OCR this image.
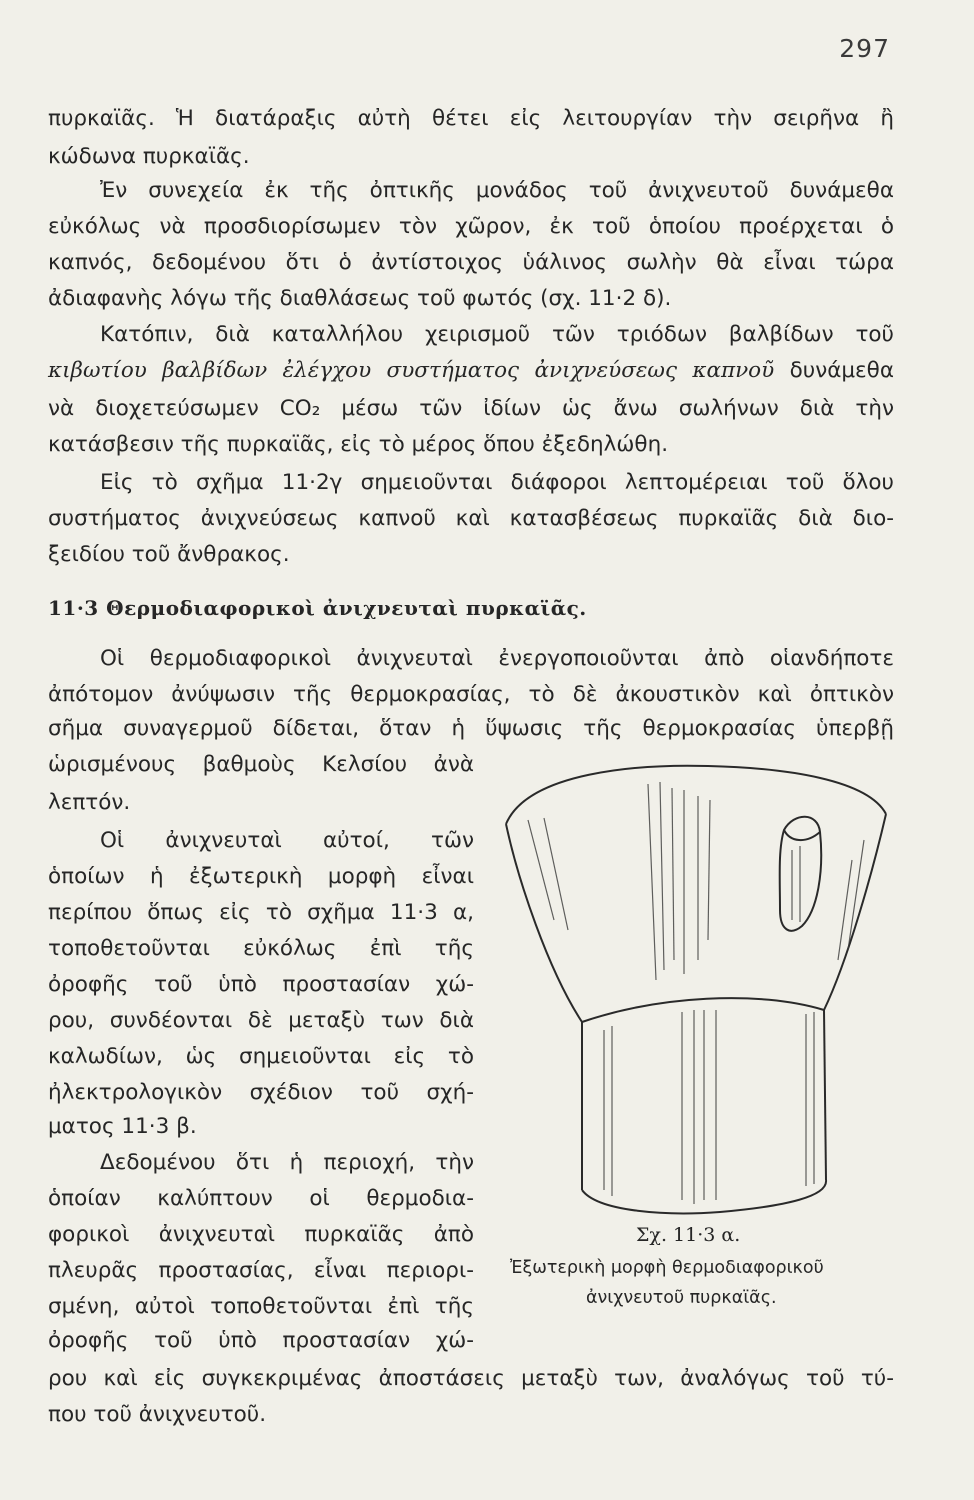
297
πυρκαϊᾶς. Ἡ διατάραξις αὐτὴ θέτει εἰς λειτουργίαν τὴν σειρῆνα ἢ
κώδωνα πυρκαϊᾶς.
Ἐν συνεχεία ἐκ τῆς ὀπτικῆς μονάδος τοῦ ἀνιχνευτοῦ δυνάμεθα
εὐκόλως νὰ προσδιορίσωμεν τὸν χῶρον, ἐκ τοῦ ὁποίου προέρχεται ὁ
καπνός, δεδομένου ὅτι ὁ ἀντίστοιχος ὑάλινος σωλὴν θὰ εἶναι τώρα
ἀδιαφανὴς λόγω τῆς διαθλάσεως τοῦ φωτός (σχ. 11·2 δ).
Κατόπιν, διὰ καταλλήλου χειρισμοῦ τῶν τριόδων βαλβίδων τοῦ
κιβωτίου βαλβίδων ἐλέγχου συστήματος ἀνιχνεύσεως καπνοῦ δυνάμεθα
νὰ διοχετεύσωμεν CO₂ μέσω τῶν ἰδίων ὡς ἄνω σωλήνων διὰ τὴν
κατάσβεσιν τῆς πυρκαϊᾶς, εἰς τὸ μέρος ὅπου ἐξεδηλώθη.
Εἰς τὸ σχῆμα 11·2γ σημειοῦνται διάφοροι λεπτομέρειαι τοῦ ὅλου
συστήματος ἀνιχνεύσεως καπνοῦ καὶ κατασβέσεως πυρκαϊᾶς διὰ διο-
ξειδίου τοῦ ἄνθρακος.
11·3 Θερμοδιαφορικοὶ ἀνιχνευταὶ πυρκαϊᾶς.
Οἱ θερμοδιαφορικοὶ ἀνιχνευταὶ ἐνεργοποιοῦνται ἀπὸ οἱανδήποτε
ἀπότομον ἀνύψωσιν τῆς θερμοκρασίας, τὸ δὲ ἀκουστικὸν καὶ ὀπτικὸν
σῆμα συναγερμοῦ δίδεται, ὅταν ἡ ὕψωσις τῆς θερμοκρασίας ὑπερβῇ
ὡρισμένους βαθμοὺς Κελσίου ἀνὰ
λεπτόν.
Οἱ ἀνιχνευταὶ αὐτοί, τῶν
ὁποίων ἡ ἐξωτερικὴ μορφὴ εἶναι
περίπου ὅπως εἰς τὸ σχῆμα 11·3 α,
τοποθετοῦνται εὐκόλως ἐπὶ τῆς
ὀροφῆς τοῦ ὑπὸ προστασίαν χώ-
ρου, συνδέονται δὲ μεταξὺ των διὰ
καλωδίων, ὡς σημειοῦνται εἰς τὸ
ἠλεκτρολογικὸν σχέδιον τοῦ σχή-
ματος 11·3 β.
Δεδομένου ὅτι ἡ περιοχή, τὴν
ὁποίαν καλύπτουν οἱ θερμοδια-
φορικοὶ ἀνιχνευταὶ πυρκαϊᾶς ἀπὸ
πλευρᾶς προστασίας, εἶναι περιορι-
σμένη, αὐτοὶ τοποθετοῦνται ἐπὶ τῆς
ὀροφῆς τοῦ ὑπὸ προστασίαν χώ-
ρου καὶ εἰς συγκεκριμένας ἀποστάσεις μεταξὺ των, ἀναλόγως τοῦ τύ-
που τοῦ ἀνιχνευτοῦ.
Σχ. 11·3 α.
Ἐξωτερικὴ μορφὴ θερμοδιαφορικοῦ
ἀνιχνευτοῦ πυρκαϊᾶς.
